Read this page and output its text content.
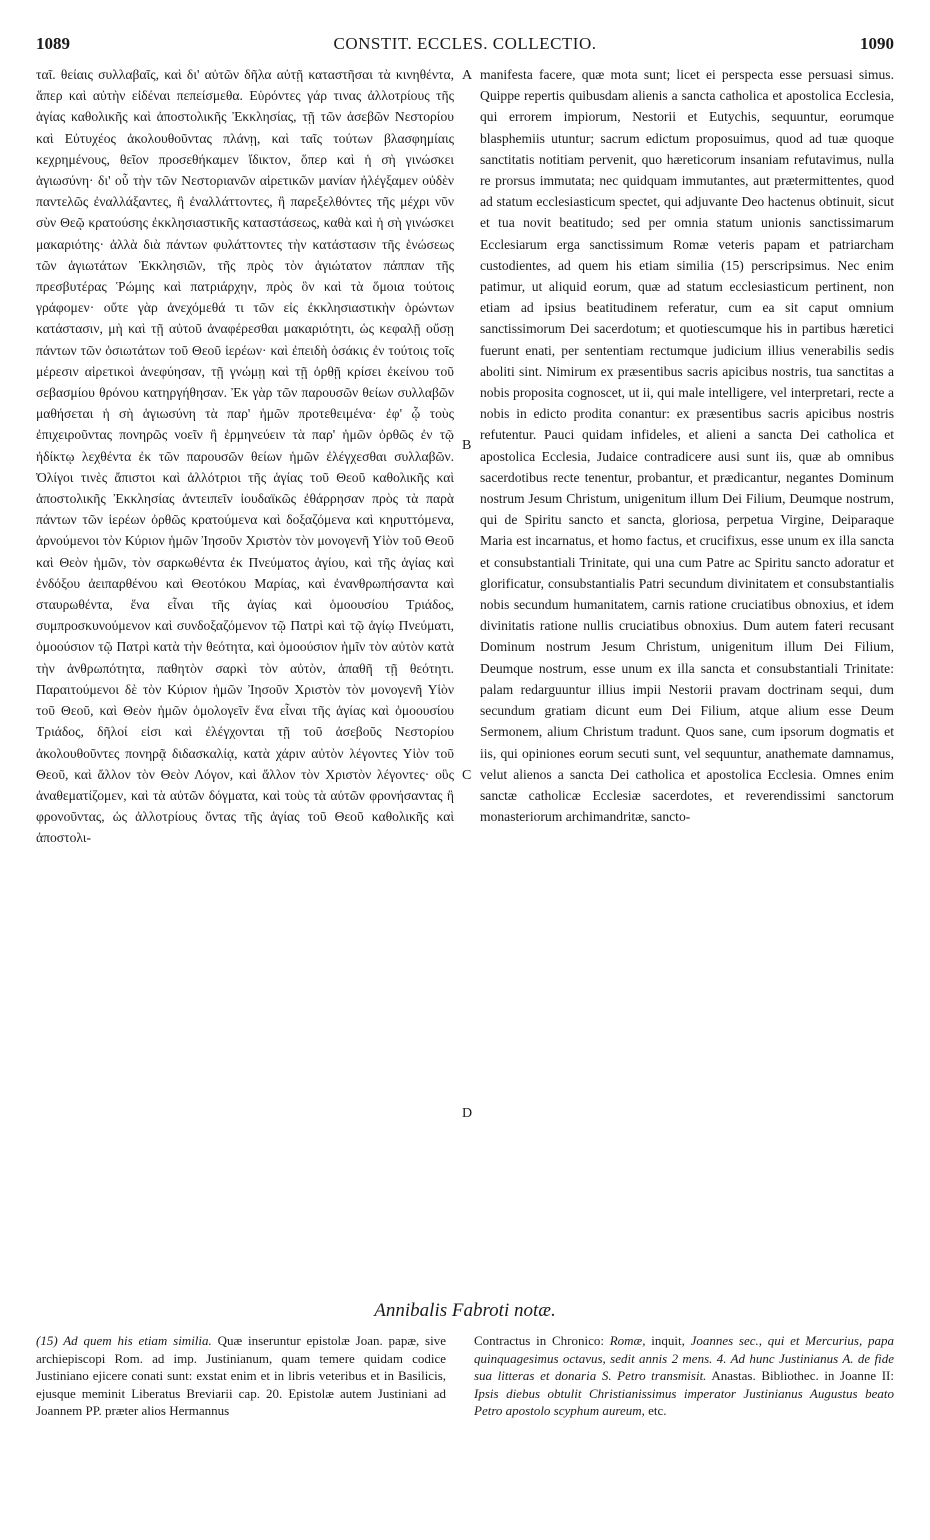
1089	CONSTIT. ECCLES. COLLECTIO.	1090

ταῖ. θείαις συλλαβαῖς, καὶ δι' αὐτῶν δῆλα αὐτῇ καταστῆσαι τὰ κινηθέντα, ἅπερ καὶ αὐτὴν εἰδέναι πεπείσμεθα. Εὑρόντες γάρ τινας ἀλλοτρίους τῆς ἁγίας καθολικῆς καὶ ἀποστολικῆς Ἐκκλησίας, τῇ τῶν ἀσεβῶν Νεστορίου καὶ Εὐτυχέος ἀκολουθοῦντας πλάνῃ, καὶ ταῖς τούτων βλασφημίαις κεχρημένους, θεῖον προσεθήκαμεν ἴδικτον, ὅπερ καὶ ἡ σὴ γινώσκει ἁγιωσύνη· δι' οὗ τὴν τῶν Νεστοριανῶν αἱρετικῶν μανίαν ἠλέγξαμεν οὐδὲν παντελῶς ἐναλλάξαντες, ἢ ἐναλλάττοντες, ἢ παρεξελθόντες τῆς μέχρι νῦν σὺν Θεῷ κρατούσης ἐκκλησιαστικῆς καταστάσεως, καθὰ καὶ ἡ σὴ γινώσκει μακαριότης· ἀλλὰ διὰ πάντων φυλάττοντες τὴν κατάστασιν τῆς ἑνώσεως τῶν ἁγιωτάτων Ἐκκλησιῶν, τῆς πρὸς τὸν ἁγιώτατον πάππαν τῆς πρεσβυτέρας Ῥώμης καὶ πατριάρχην, πρὸς ὃν καὶ τὰ ὅμοια τούτοις γράφομεν· οὔτε γὰρ ἀνεχόμεθά τι τῶν εἰς ἐκκλησιαστικὴν ὁρώντων κατάστασιν, μὴ καὶ τῇ αὐτοῦ ἀναφέρεσθαι μακαριότητι, ὡς κεφαλῇ οὔσῃ πάντων τῶν ὁσιωτάτων τοῦ Θεοῦ ἱερέων· καὶ ἐπειδὴ ὁσάκις ἐν τούτοις τοῖς μέρεσιν αἱρετικοὶ ἀνεφύησαν, τῇ γνώμῃ καὶ τῇ ὀρθῇ κρίσει ἐκείνου τοῦ σεβασμίου θρόνου κατηργήθησαν. Ἐκ γὰρ τῶν παρουσῶν θείων συλλαβῶν μαθήσεται ἡ σὴ ἁγιωσύνη τὰ παρ' ἡμῶν προτεθειμένα· ἐφ' ᾧ τοὺς ἐπιχειροῦντας πονηρῶς νοεῖν ἢ ἑρμηνεύειν τὰ παρ' ἡμῶν ὀρθῶς ἐν τῷ ἠδίκτῳ λεχθέντα ἐκ τῶν παρουσῶν θείων ἡμῶν ἐλέγχεσθαι συλλαβῶν. Ὀλίγοι τινὲς ἄπιστοι καὶ ἀλλότριοι τῆς ἁγίας τοῦ Θεοῦ καθολικῆς καὶ ἀποστολικῆς Ἐκκλησίας ἀντειπεῖν ἰουδαϊκῶς ἐθάρρησαν πρὸς τὰ παρὰ πάντων τῶν ἱερέων ὀρθῶς κρατούμενα καὶ δοξαζόμενα καὶ κηρυττόμενα, ἀρνούμενοι τὸν Κύριον ἡμῶν Ἰησοῦν Χριστὸν τὸν μονογενῆ Υἱὸν τοῦ Θεοῦ καὶ Θεὸν ἡμῶν, τὸν σαρκωθέντα ἐκ Πνεύματος ἁγίου, καὶ τῆς ἁγίας καὶ ἐνδόξου ἀειπαρθένου καὶ Θεοτόκου Μαρίας, καὶ ἐνανθρωπήσαντα καὶ σταυρωθέντα, ἕνα εἶναι τῆς ἁγίας καὶ ὁμοουσίου Τριάδος, συμπροσκυνούμενον καὶ συνδοξαζόμενον τῷ Πατρὶ καὶ τῷ ἁγίῳ Πνεύματι, ὁμοούσιον τῷ Πατρὶ κατὰ τὴν θεότητα, καὶ ὁμοούσιον ἡμῖν τὸν αὐτὸν κατὰ τὴν ἀνθρωπότητα, παθητὸν σαρκὶ τὸν αὐτὸν, ἀπαθῆ τῇ θεότητι. Παραιτούμενοι δὲ τὸν Κύριον ἡμῶν Ἰησοῦν Χριστὸν τὸν μονογενῆ Υἱὸν τοῦ Θεοῦ, καὶ Θεὸν ἡμῶν ὁμολογεῖν ἕνα εἶναι τῆς ἁγίας καὶ ὁμοουσίου Τριάδος, δῆλοί εἰσι καὶ ἐλέγχονται τῇ τοῦ ἀσεβοῦς Νεστορίου ἀκολουθοῦντες πονηρᾷ διδασκαλίᾳ, κατὰ χάριν αὐτὸν λέγοντες Υἱὸν τοῦ Θεοῦ, καὶ ἄλλον τὸν Θεὸν Λόγον, καὶ ἄλλον τὸν Χριστὸν λέγοντες· οὓς ἀναθεματίζομεν, καὶ τὰ αὐτῶν δόγματα, καὶ τοὺς τὰ αὐτῶν φρονήσαντας ἢ φρονοῦντας, ὡς ἀλλοτρίους ὄντας τῆς ἁγίας τοῦ Θεοῦ καθολικῆς καὶ ἀποστολι-

A
B
C
D

manifesta facere, quæ mota sunt; licet ei perspecta esse persuasi simus. Quippe repertis quibusdam alienis a sancta catholica et apostolica Ecclesia, qui errorem impiorum, Nestorii et Eutychis, sequuntur, eorumque blasphemiis utuntur; sacrum edictum proposuimus, quod ad tuæ quoque sanctitatis notitiam pervenit, quo hæreticorum insaniam refutavimus, nulla re prorsus immutata; nec quidquam immutantes, aut prætermittentes, quod ad statum ecclesiasticum spectet, qui adjuvante Deo hactenus obtinuit, sicut et tua novit beatitudo; sed per omnia statum unionis sanctissimarum Ecclesiarum erga sanctissimum Romæ veteris papam et patriarcham custodientes, ad quem his etiam similia (15) perscripsimus. Nec enim patimur, ut aliquid eorum, quæ ad statum ecclesiasticum pertinent, non etiam ad ipsius beatitudinem referatur, cum ea sit caput omnium sanctissimorum Dei sacerdotum; et quotiescumque his in partibus hæretici fuerunt enati, per sententiam rectumque judicium illius venerabilis sedis aboliti sint. Nimirum ex præsentibus sacris apicibus nostris, tua sanctitas a nobis proposita cognoscet, ut ii, qui male intelligere, vel interpretari, recte a nobis in edicto prodita conantur: ex præsentibus sacris apicibus nostris refutentur. Pauci quidam infideles, et alieni a sancta Dei catholica et apostolica Ecclesia, Judaice contradicere ausi sunt iis, quæ ab omnibus sacerdotibus recte tenentur, probantur, et prædicantur, negantes Dominum nostrum Jesum Christum, unigenitum illum Dei Filium, Deumque nostrum, qui de Spiritu sancto et sancta, gloriosa, perpetua Virgine, Deiparaque Maria est incarnatus, et homo factus, et crucifixus, esse unum ex illa sancta et consubstantiali Trinitate, qui una cum Patre ac Spiritu sancto adoratur et glorificatur, consubstantialis Patri secundum divinitatem et consubstantialis nobis secundum humanitatem, carnis ratione cruciatibus obnoxius, et idem divinitatis ratione nullis cruciatibus obnoxius. Dum autem fateri recusant Dominum nostrum Jesum Christum, unigenitum illum Dei Filium, Deumque nostrum, esse unum ex illa sancta et consubstantiali Trinitate: palam redarguuntur illius impii Nestorii pravam doctrinam sequi, dum secundum gratiam dicunt eum Dei Filium, atque alium esse Deum Sermonem, alium Christum tradunt. Quos sane, cum ipsorum dogmatis et iis, qui opiniones eorum secuti sunt, vel sequuntur, anathemate damnamus, velut alienos a sancta Dei catholica et apostolica Ecclesia. Omnes enim sanctæ catholicæ Ecclesiæ sacerdotes, et reverendissimi sanctorum monasteriorum archimandritæ, sancto-

Annibalis Fabroti notæ.

(15) Ad quem his etiam similia. Quæ inseruntur epistolæ Joan. papæ, sive archiepiscopi Rom. ad imp. Justinianum, quam temere quidam codice Justiniano ejicere conati sunt: exstat enim et in libris veteribus et in Basilicis, ejusque meminit Liberatus Breviarii cap. 20. Epistolæ autem Justiniani ad Joannem PP. præter alios Hermannus

Contractus in Chronico: Romæ, inquit, Joannes sec., qui et Mercurius, papa quinquagesimus octavus, sedit annis 2 mens. 4. Ad hunc Justinianus A. de fide sua litteras et donaria S. Petro transmisit. Anastas. Bibliothec. in Joanne II: Ipsis diebus obtulit Christianissimus imperator Justinianus Augustus beato Petro apostolo scyphum aureum, etc.
